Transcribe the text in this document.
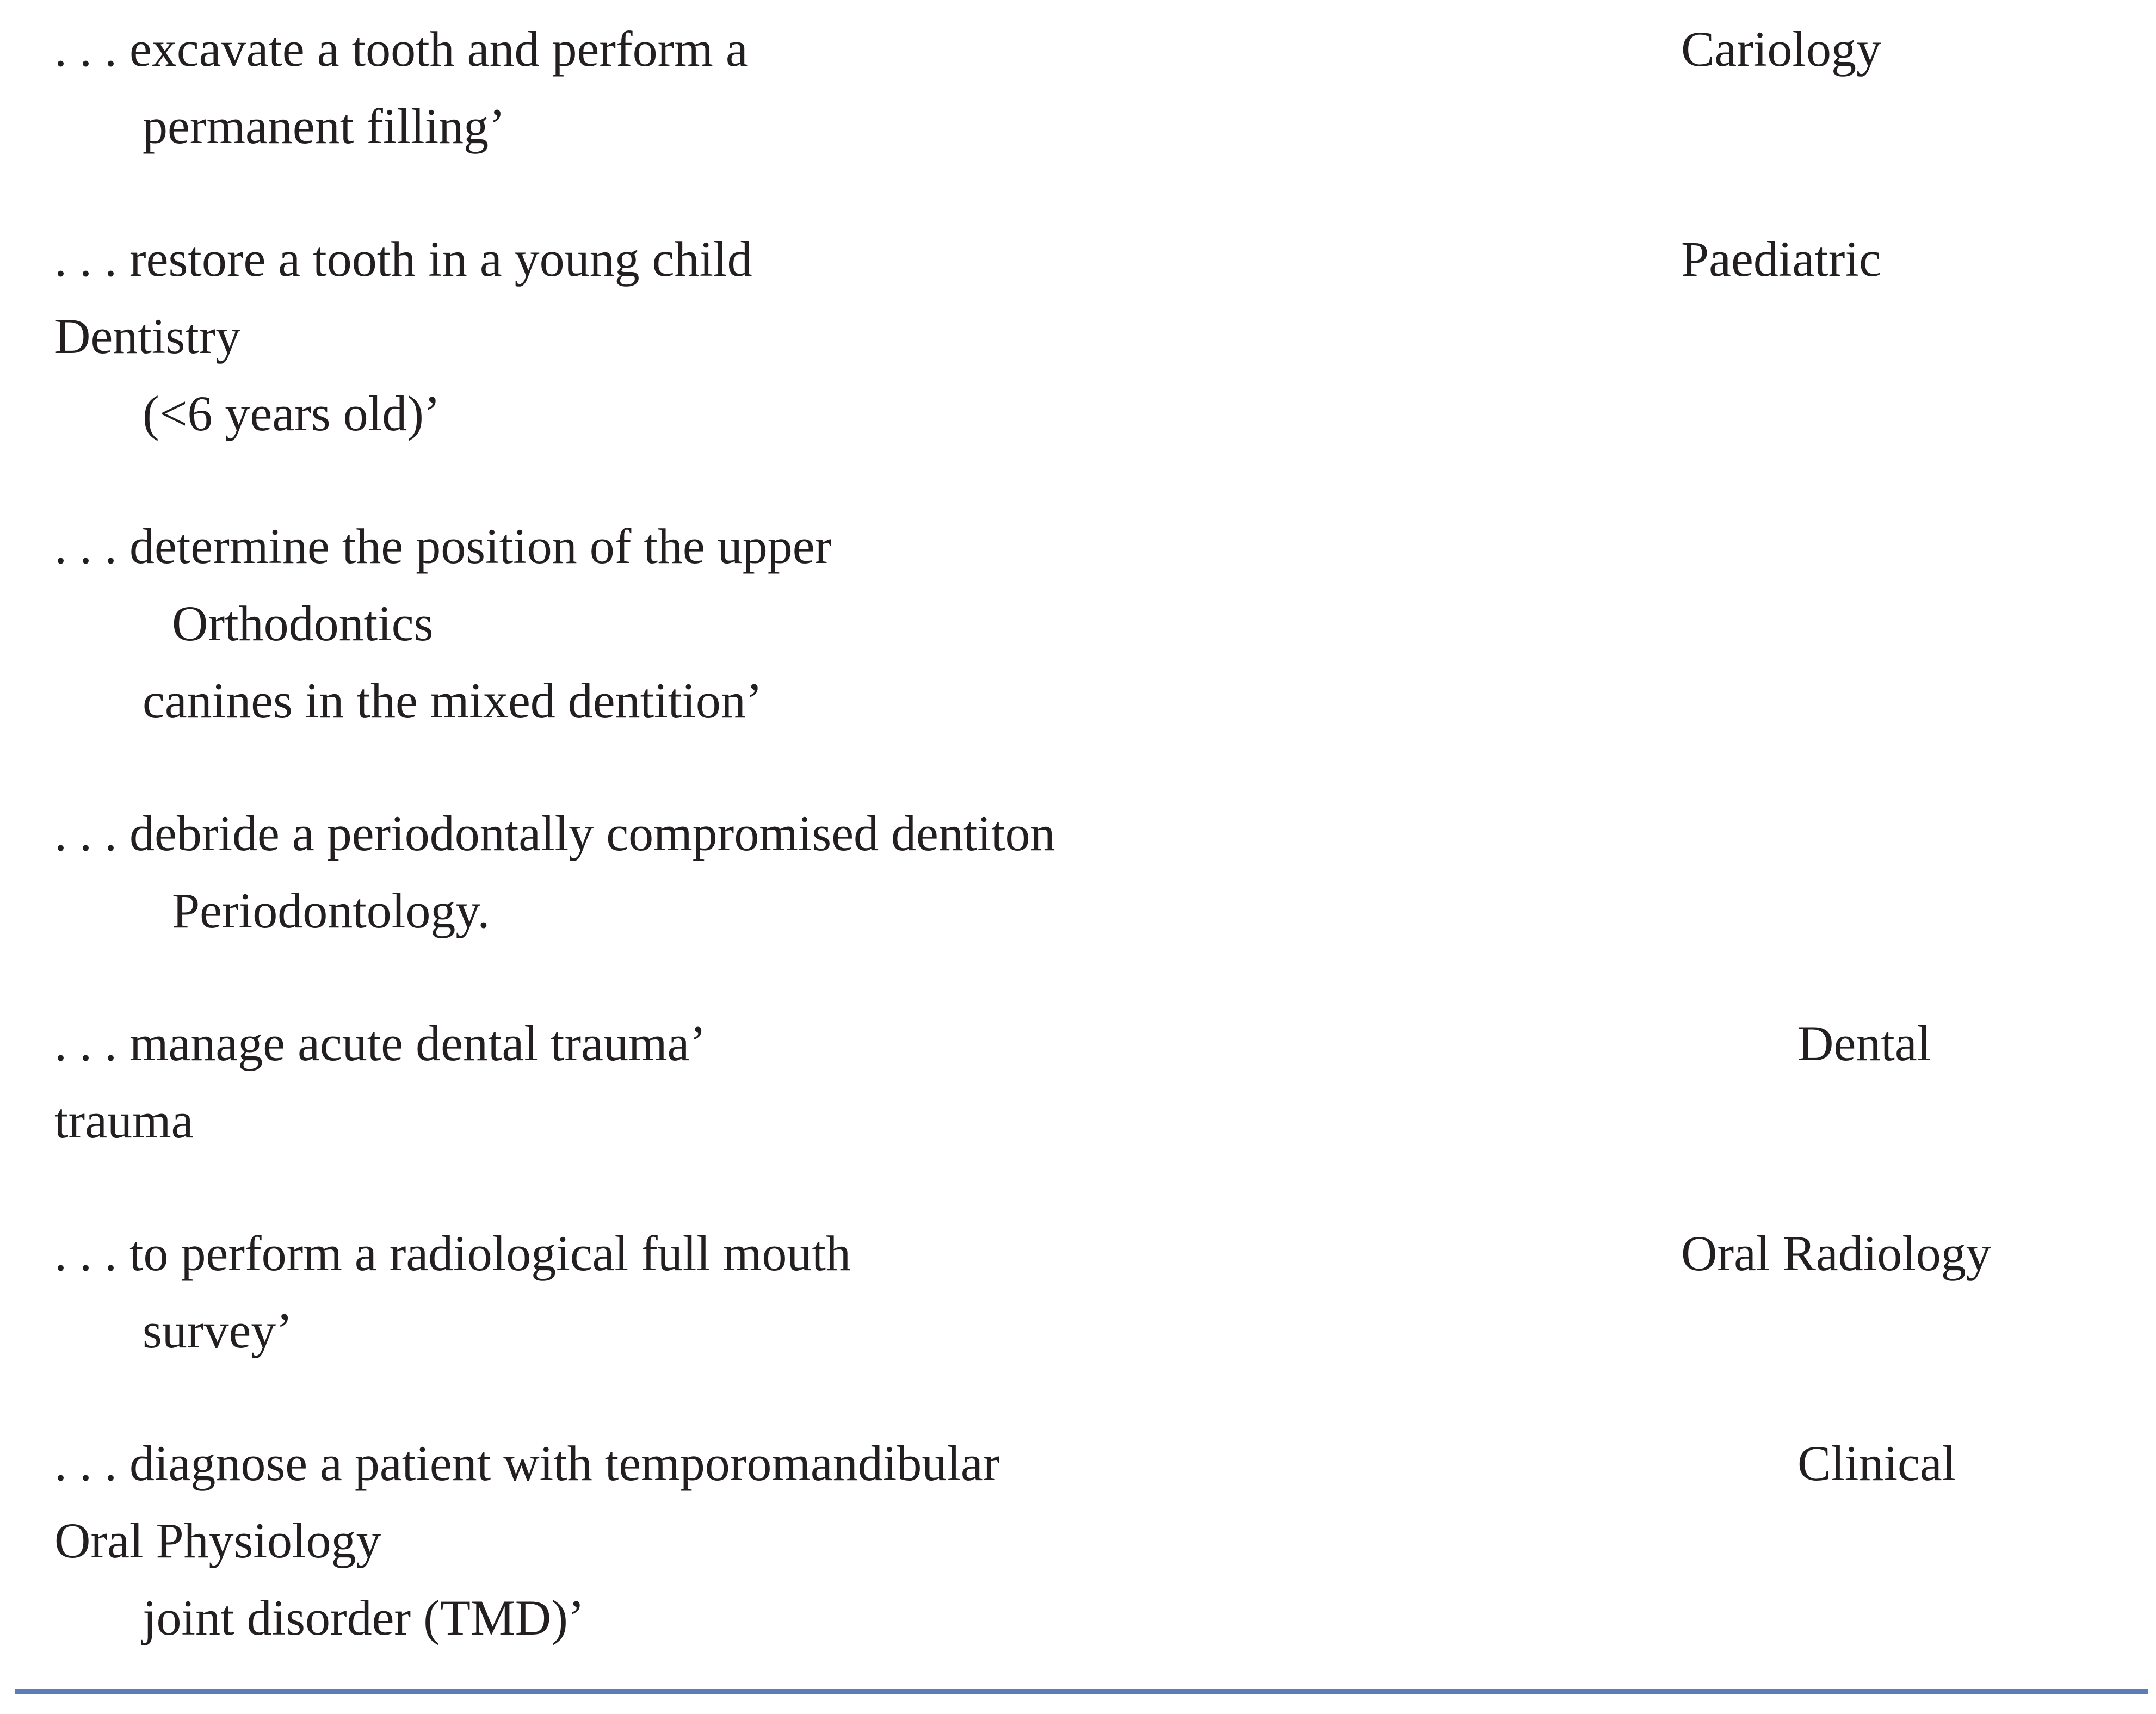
. . . excavate a tooth and perform a	Cariology
permanent filling’
. . . restore a tooth in a young child	Paediatric
Dentistry
(<6 years old)’
. . . determine the position of the upper
Orthodontics
canines in the mixed dentition’
. . . debride a periodontally compromised dentiton
Periodontology.
. . . manage acute dental trauma’	Dental
trauma
. . . to perform a radiological full mouth	Oral Radiology
survey’
. . . diagnose a patient with temporomandibular	Clinical
Oral Physiology
joint disorder (TMD)’
